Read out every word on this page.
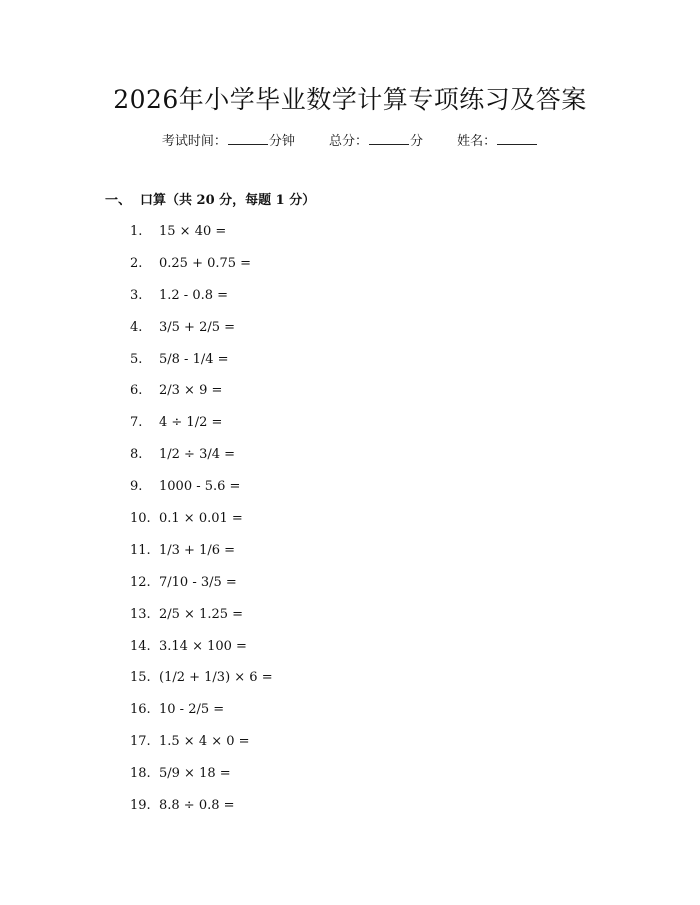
2026年小学毕业数学计算专项练习及答案
考试时间：	分钟	总分：	分	姓名：
一、 口算（共 20 分，每题 1 分）
1. 15 × 40 =
2. 0.25 + 0.75 =
3. 1.2 - 0.8 =
4. 3/5 + 2/5 =
5. 5/8 - 1/4 =
6. 2/3 × 9 =
7. 4 ÷ 1/2 =
8. 1/2 ÷ 3/4 =
9. 1000 - 5.6 =
10. 0.1 × 0.01 =
11. 1/3 + 1/6 =
12. 7/10 - 3/5 =
13. 2/5 × 1.25 =
14. 3.14 × 100 =
15. (1/2 + 1/3) × 6 =
16. 10 - 2/5 =
17. 1.5 × 4 × 0 =
18. 5/9 × 18 =
19. 8.8 ÷ 0.8 =
